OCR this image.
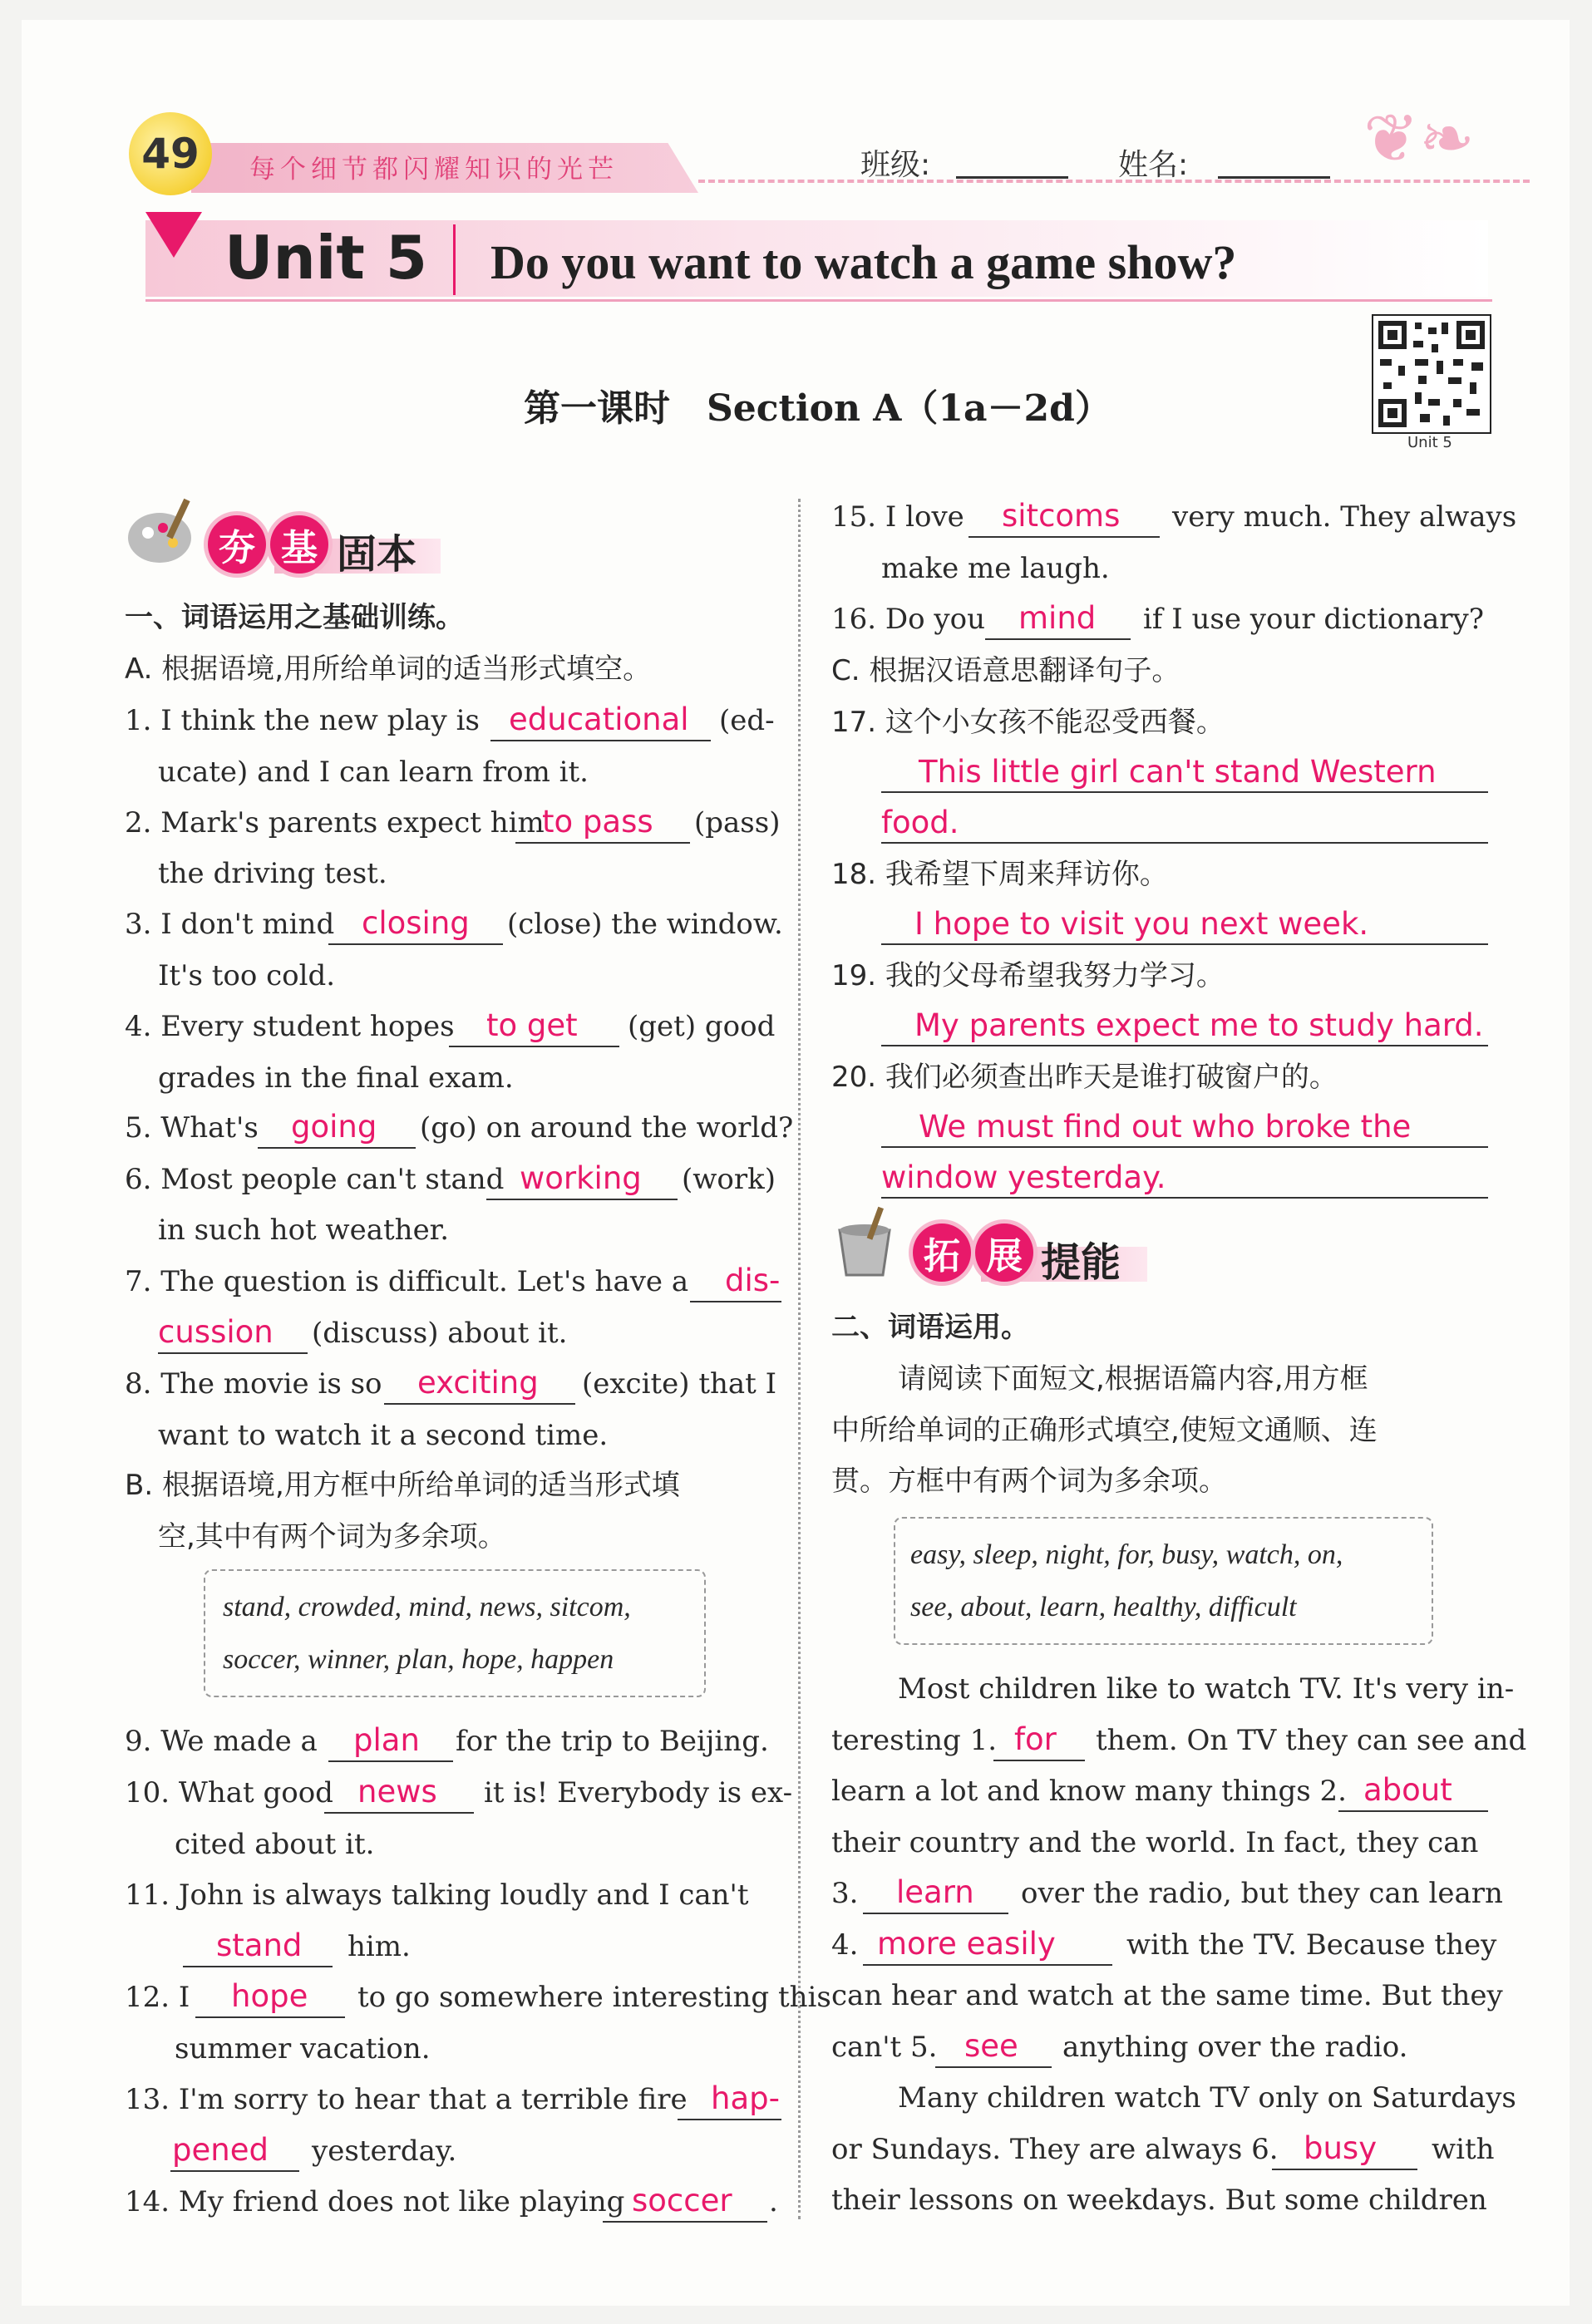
49	每个细节都闪耀知识的光芒	班级:	姓名:	❦❧
Unit 5 Do you want to watch a game show?
第一课时　Section A（1a－2d）
Unit 5
夯 基 固本
一、词语运用之基础训练。
A. 根据语境,用所给单词的适当形式填空。
1. I think the new play is educational (ed-
ucate) and I can learn from it.
2. Mark's parents expect him
to pass (pass)
the driving test.
3. I don't mind closing (close) the window.
It's too cold.
4. Every student hopes to get (get) good
grades in the final exam.
5. What's going (go) on around the world?
6. Most people can't stand working (work)
in such hot weather.
7. The question is difficult. Let's have a dis-
cussion (discuss) about it.
8. The movie is so exciting (excite) that I
want to watch it a second time.
B. 根据语境,用方框中所给单词的适当形式填
空,其中有两个词为多余项。
stand, crowded, mind, news, sitcom,
soccer, winner, plan, hope, happen
9. We made a plan for the trip to Beijing.
10. What good news it is! Everybody is ex-
cited about it.
11. John is always talking loudly and I can't
stand him.
12. I hope to go somewhere interesting this
summer vacation.
13. I'm sorry to hear that a terrible fire hap-
pened yesterday.
14. My friend does not like playing soccer .
15. I love sitcoms very much. They always
make me laugh.
16. Do you mind if I use your dictionary?
C. 根据汉语意思翻译句子。
17. 这个小女孩不能忍受西餐。
This little girl can't stand Western
food.
18. 我希望下周来拜访你。
I hope to visit you next week.
19. 我的父母希望我努力学习。
My parents expect me to study hard.
20. 我们必须查出昨天是谁打破窗户的。
We must find out who broke the
window yesterday.
拓 展 提能
二、词语运用。
请阅读下面短文,根据语篇内容,用方框
中所给单词的正确形式填空,使短文通顺、连
贯。方框中有两个词为多余项。
easy, sleep, night, for, busy, watch, on,
see, about, learn, healthy, difficult
Most children like to watch TV. It's very in-
teresting 1. for them. On TV they can see and
learn a lot and know many things 2. about
their country and the world. In fact, they can
3. learn over the radio, but they can learn
4. more easily	with the TV. Because they
can hear and watch at the same time. But they
can't 5. see anything over the radio.
Many children watch TV only on Saturdays
or Sundays. They are always 6. busy with
their lessons on weekdays. But some children
